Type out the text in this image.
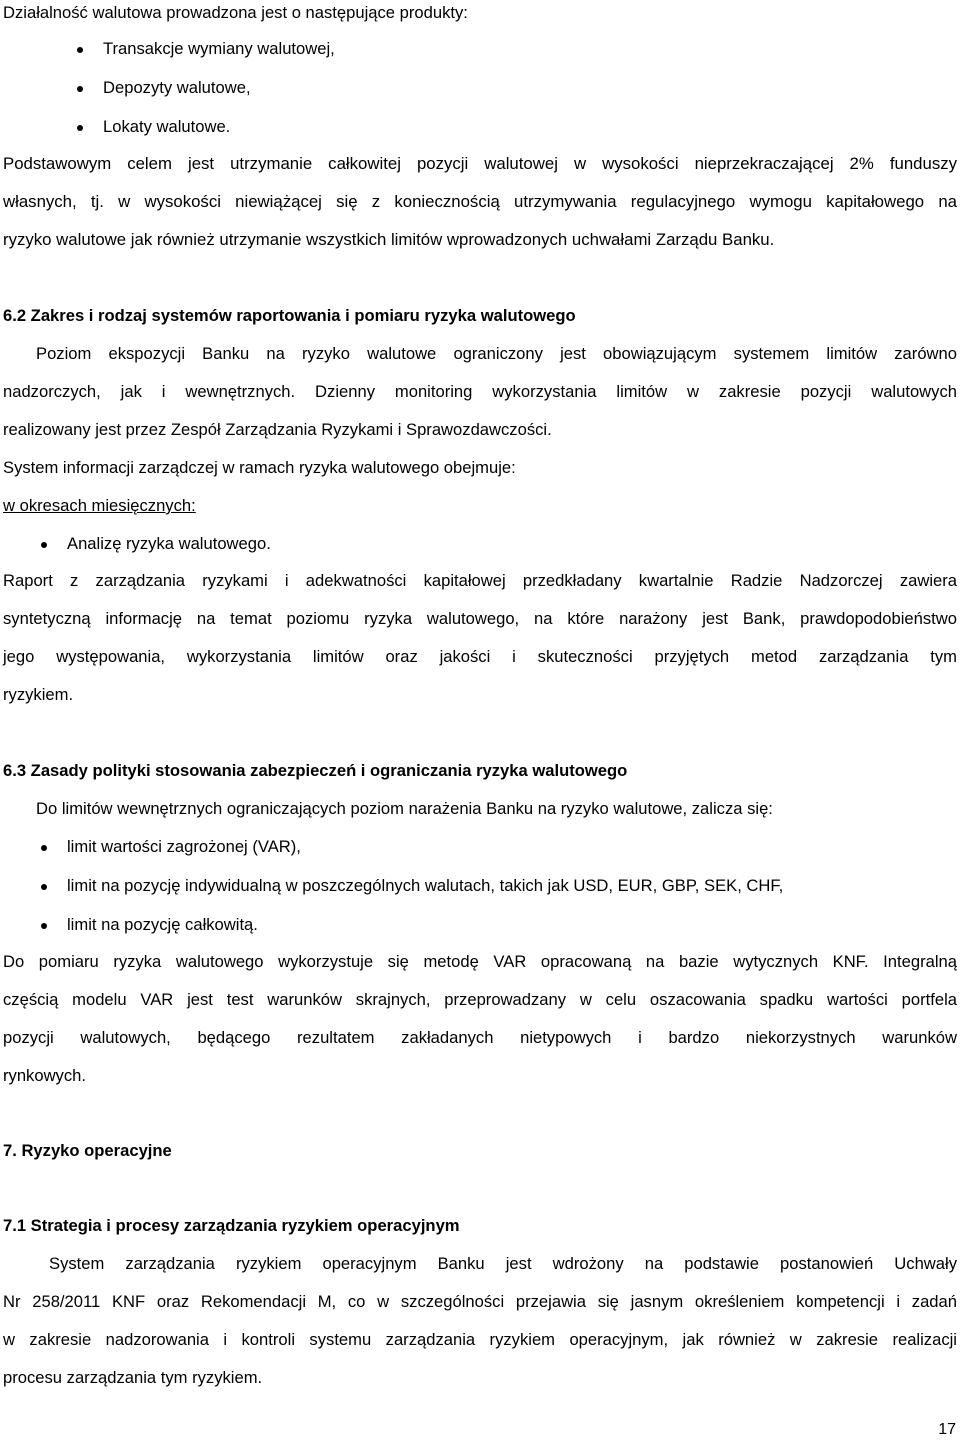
Działalność walutowa prowadzona jest o następujące produkty:

Transakcje wymiany walutowej,

Depozyty walutowe,

Lokaty walutowe.

Podstawowym celem jest utrzymanie całkowitej pozycji walutowej w wysokości nieprzekraczającej 2% funduszy

własnych, tj. w wysokości niewiążącej się z koniecznością utrzymywania regulacyjnego wymogu kapitałowego na

ryzyko walutowe jak również utrzymanie wszystkich limitów wprowadzonych uchwałami Zarządu Banku.

6.2 Zakres i rodzaj systemów raportowania i pomiaru ryzyka walutowego

Poziom ekspozycji Banku na ryzyko walutowe ograniczony jest obowiązującym systemem limitów zarówno

nadzorczych, jak i wewnętrznych. Dzienny monitoring wykorzystania limitów w zakresie pozycji walutowych

realizowany jest przez Zespół Zarządzania Ryzykami i Sprawozdawczości.

System informacji zarządczej w ramach ryzyka walutowego obejmuje:

w okresach miesięcznych:

Analizę ryzyka walutowego.

Raport z zarządzania ryzykami i adekwatności kapitałowej przedkładany kwartalnie Radzie Nadzorczej zawiera

syntetyczną informację na temat poziomu ryzyka walutowego, na które narażony jest Bank, prawdopodobieństwo

jego występowania, wykorzystania limitów oraz jakości i skuteczności przyjętych metod zarządzania tym

ryzykiem.

6.3 Zasady polityki stosowania zabezpieczeń i ograniczania ryzyka walutowego

Do limitów wewnętrznych ograniczających poziom narażenia Banku na ryzyko walutowe, zalicza się:

limit wartości zagrożonej (VAR),

limit na pozycję indywidualną w poszczególnych walutach, takich jak USD, EUR, GBP, SEK, CHF,

limit na pozycję całkowitą.

Do pomiaru ryzyka walutowego wykorzystuje się metodę VAR opracowaną na bazie wytycznych KNF. Integralną

częścią modelu VAR jest test warunków skrajnych, przeprowadzany w celu oszacowania spadku wartości portfela

pozycji walutowych, będącego rezultatem zakładanych nietypowych i bardzo niekorzystnych warunków

rynkowych.

7. Ryzyko operacyjne

7.1 Strategia i procesy zarządzania ryzykiem operacyjnym

System zarządzania ryzykiem operacyjnym Banku jest wdrożony na podstawie postanowień Uchwały

Nr 258/2011 KNF oraz Rekomendacji M, co w szczególności przejawia się jasnym określeniem kompetencji i zadań

w zakresie nadzorowania i kontroli systemu zarządzania ryzykiem operacyjnym, jak również w zakresie realizacji

procesu zarządzania tym ryzykiem.

17
